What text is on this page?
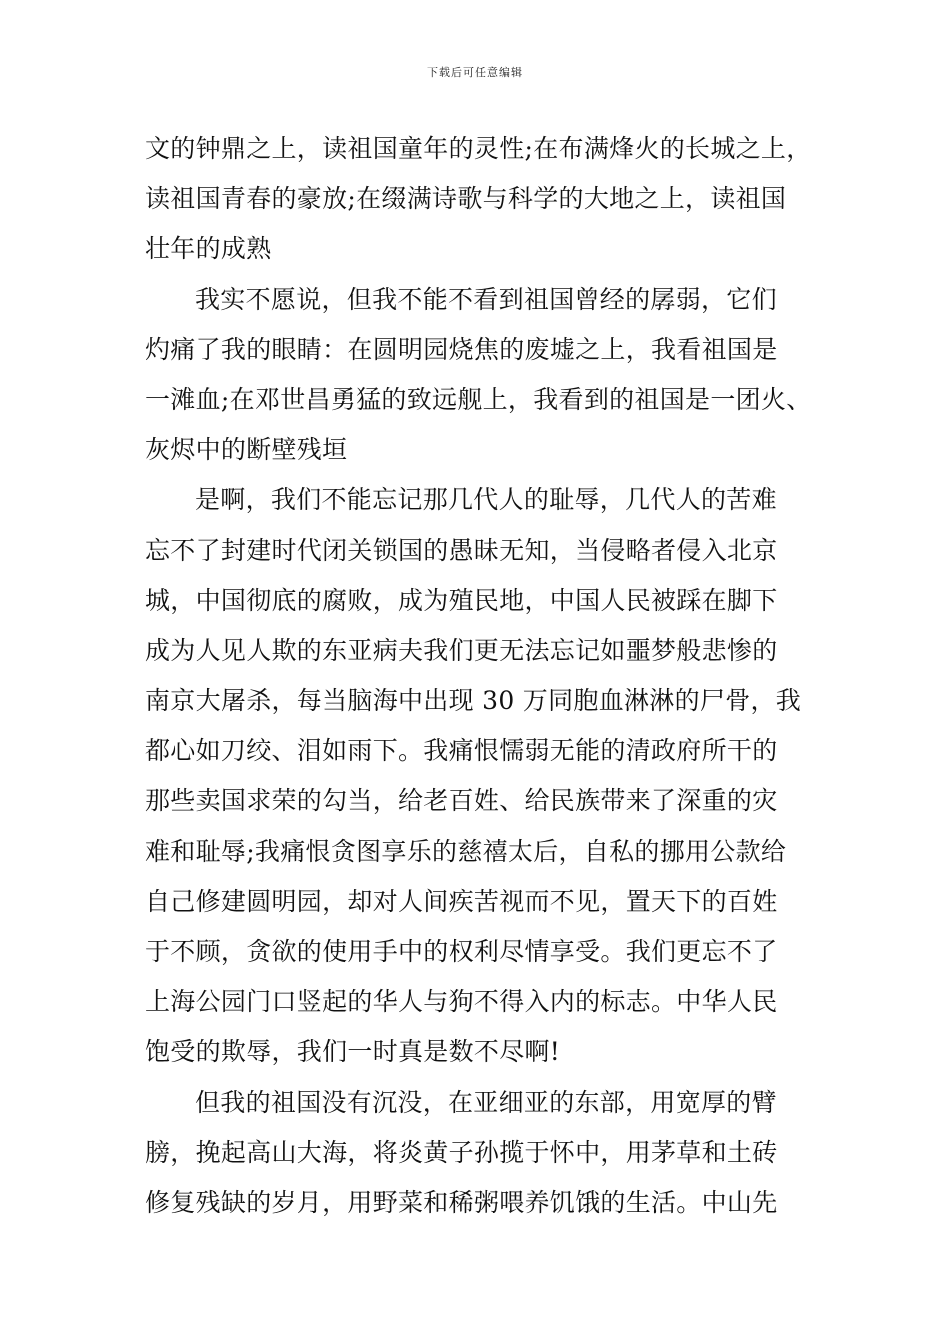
下载后可任意编辑
文的钟鼎之上，读祖国童年的灵性;在布满烽火的长城之上，
读祖国青春的豪放;在缀满诗歌与科学的大地之上，读祖国
壮年的成熟
我实不愿说，但我不能不看到祖国曾经的孱弱，它们
灼痛了我的眼睛：在圆明园烧焦的废墟之上，我看祖国是
一滩血;在邓世昌勇猛的致远舰上，我看到的祖国是一团火、
灰烬中的断壁残垣
是啊，我们不能忘记那几代人的耻辱，几代人的苦难
忘不了封建时代闭关锁国的愚昧无知，当侵略者侵入北京
城，中国彻底的腐败，成为殖民地，中国人民被踩在脚下
成为人见人欺的东亚病夫我们更无法忘记如噩梦般悲惨的
南京大屠杀，每当脑海中出现 30 万同胞血淋淋的尸骨，我
都心如刀绞、泪如雨下。我痛恨懦弱无能的清政府所干的
那些卖国求荣的勾当，给老百姓、给民族带来了深重的灾
难和耻辱;我痛恨贪图享乐的慈禧太后，自私的挪用公款给
自己修建圆明园，却对人间疾苦视而不见，置天下的百姓
于不顾，贪欲的使用手中的权利尽情享受。我们更忘不了
上海公园门口竖起的华人与狗不得入内的标志。中华人民
饱受的欺辱，我们一时真是数不尽啊!
但我的祖国没有沉没，在亚细亚的东部，用宽厚的臂
膀，挽起高山大海，将炎黄子孙揽于怀中，用茅草和土砖
修复残缺的岁月，用野菜和稀粥喂养饥饿的生活。中山先
